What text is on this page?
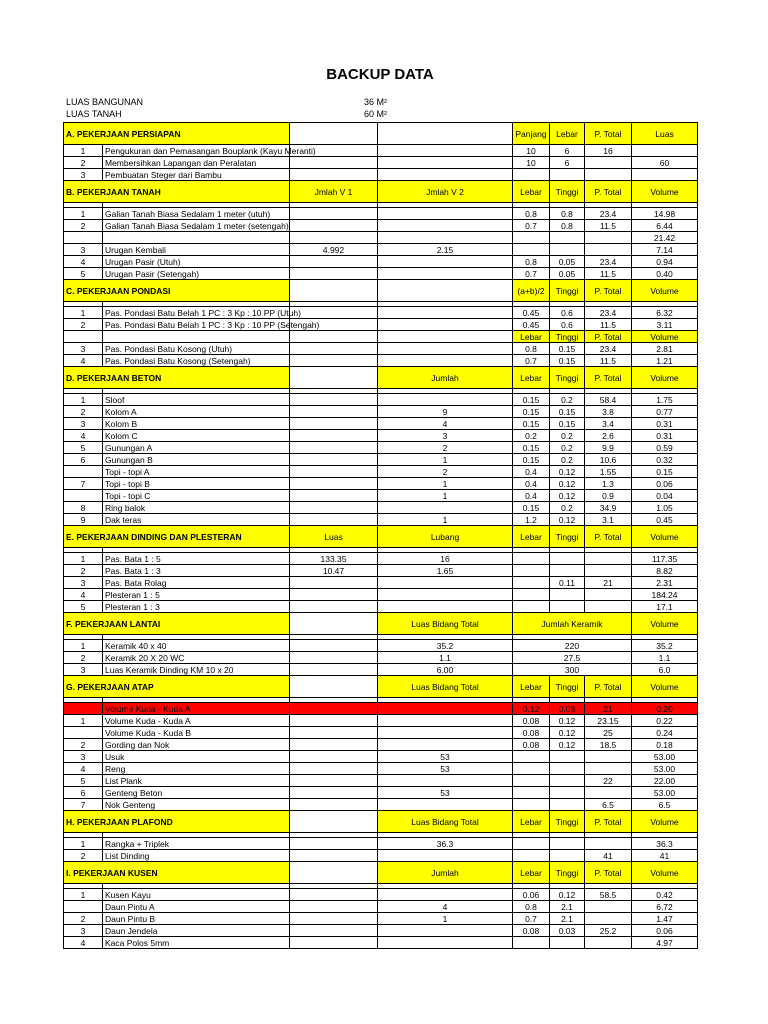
BACKUP DATA
LUAS BANGUNAN	36 M²
LUAS TANAH	60 M²
A. PEKERJAAN PERSIAPAN				Panjang	Lebar	P. Total	Luas
1	Pengukuran dan Pemasangan Bouplank (Kayu Meranti)			10	6	16	
2	Membersihkan Lapangan dan Peralatan			10	6		60
3	Pembuatan Steger dari Bambu						
B. PEKERJAAN TANAH		Jmlah V 1	Jmlah V 2	Lebar	Tinggi	P. Total	Volume

1	Galian Tanah Biasa Sedalam 1 meter (utuh)			0.8	0.8	23.4	14.98
2	Galian Tanah Biasa Sedalam 1 meter (setengah)			0.7	0.8	11.5	6.44
							21.42
3	Urugan Kembali	4.992	2.15				7.14
4	Urugan Pasir (Utuh)			0.8	0.05	23.4	0.94
5	Urugan Pasir (Setengah)			0.7	0.05	11.5	0.40
C. PEKERJAAN PONDASI				(a+b)/2	Tinggi	P. Total	Volume

1	Pas. Pondasi Batu Belah 1 PC : 3 Kp : 10 PP (Utuh)			0.45	0.6	23.4	6.32
2	Pas. Pondasi Batu Belah 1 PC : 3 Kp : 10 PP (Setengah)			0.45	0.6	11.5	3.11
				Lebar	Tinggi	P. Total	Volume
3	Pas. Pondasi Batu Kosong (Utuh)			0.8	0.15	23.4	2.81
4	Pas. Pondasi Batu Kosong (Setengah)			0.7	0.15	11.5	1.21
D. PEKERJAAN BETON			Jumlah	Lebar	Tinggi	P. Total	Volume

1	Sloof			0.15	0.2	58.4	1.75
2	Kolom A		9	0.15	0.15	3.8	0.77
3	Kolom B		4	0.15	0.15	3.4	0.31
4	Kolom C		3	0.2	0.2	2.6	0.31
5	Gunungan A		2	0.15	0.2	9.9	0.59
6	Gunungan B		1	0.15	0.2	10.6	0.32
	Topi - topi A		2	0.4	0.12	1.55	0.15
7	Topi - topi B		1	0.4	0.12	1.3	0.06
	Topi - topi C		1	0.4	0.12	0.9	0.04
8	Ring balok			0.15	0.2	34.9	1.05
9	Dak teras		1	1.2	0.12	3.1	0.45
E. PEKERJAAN DINDING DAN PLESTERAN		Luas	Lubang	Lebar	Tinggi	P. Total	Volume

1	Pas. Bata 1 : 5	133.35	16				117.35
2	Pas. Bata 1 : 3	10.47	1.65				8.82
3	Pas. Bata Rolag				0.11	21	2.31
4	Plesteran 1 : 5						184.24
5	Plesteran 1 : 3						17.1
F. PEKERJAAN LANTAI			Luas Bidang Total	Jumlah Keramik			Volume

1	Keramik 40 x 40		35.2	220			35.2
2	Keramik 20 X 20 WC		1.1	27.5			1.1
3	Luas Keramik Dinding KM 10 x 20		6.00	300			6.0
G. PEKERJAAN ATAP			Luas Bidang Total	Lebar	Tinggi	P. Total	Volume

	Volume Kuda - Kuda A			0.12	0.08	21	0.20
1	Volume Kuda - Kuda A			0.08	0.12	23.15	0.22
	Volume Kuda - Kuda B			0.08	0.12	25	0.24
2	Gording dan Nok			0.08	0.12	18.5	0.18
3	Usuk		53				53.00
4	Reng		53				53.00
5	List Plank					22	22.00
6	Genteng Beton		53				53.00
7	Nok Genteng					6.5	6.5
H. PEKERJAAN PLAFOND			Luas Bidang Total	Lebar	Tinggi	P. Total	Volume

1	Rangka + Triplek		36.3				36.3
2	List Dinding					41	41
I. PEKERJAAN KUSEN			Jumlah	Lebar	Tinggi	P. Total	Volume

1	Kusen Kayu			0.06	0.12	58.5	0.42
	Daun Pintu A		4	0.8	2.1		6.72
2	Daun Pintu B		1	0.7	2.1		1.47
3	Daun Jendela			0.08	0.03	25.2	0.06
4	Kaca Polos 5mm						4.97
